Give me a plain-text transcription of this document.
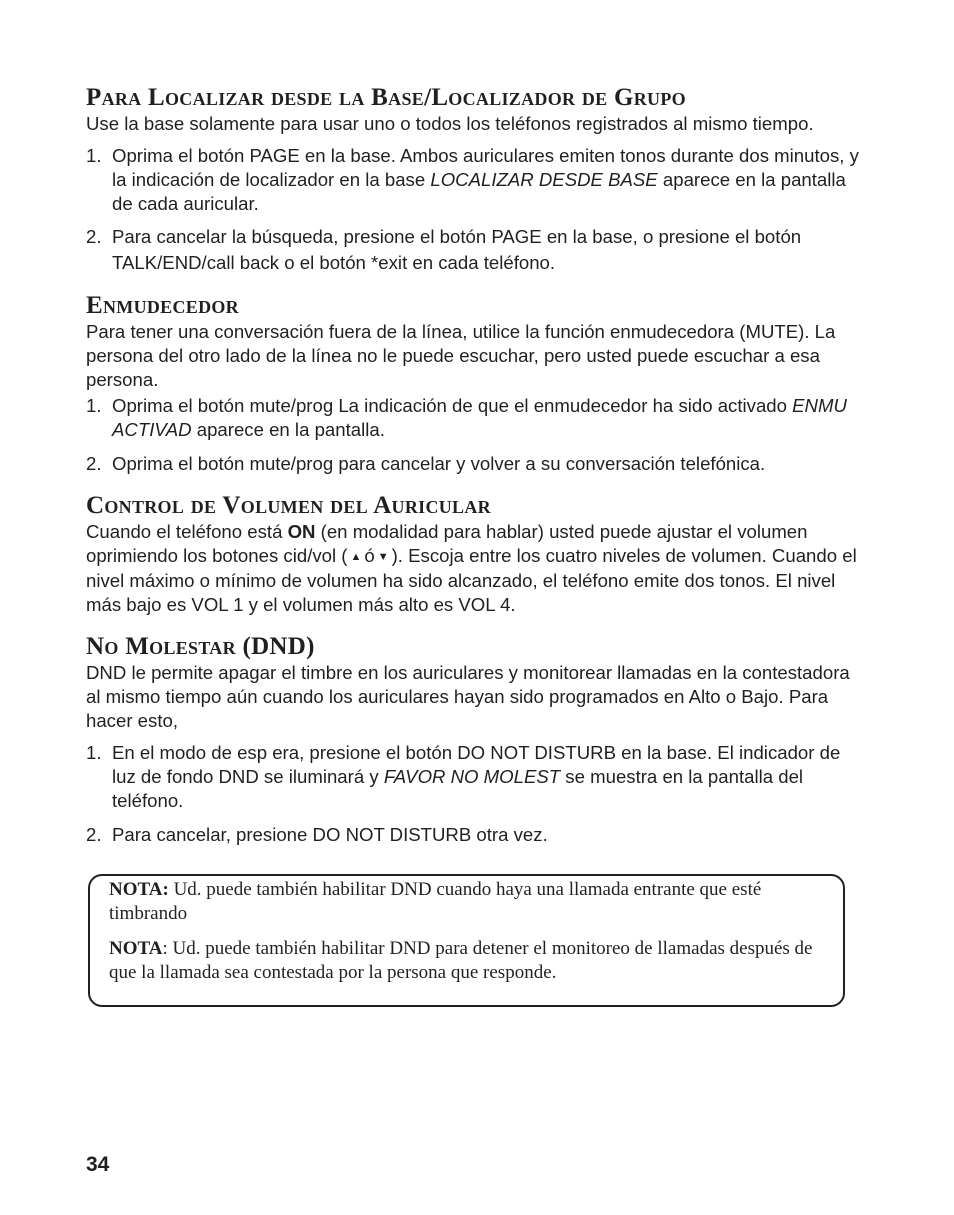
Para Localizar desde la Base/Localizador de Grupo

Use la base solamente para usar uno o todos los teléfonos registrados al mismo tiempo.

1. Oprima el botón PAGE en la base. Ambos auriculares emiten tonos durante dos minutos, y la indicación de localizador en la base LOCALIZAR DESDE BASE aparece en la pantalla de cada auricular.
2. Para cancelar la búsqueda, presione el botón PAGE en la base, o presione el botón TALK/END/call back o el botón *exit en cada teléfono.
Enmudecedor

Para tener una conversación fuera de la línea, utilice la función enmudecedora (MUTE). La persona del otro lado de la línea no le puede escuchar, pero usted puede escuchar a esa persona.

1. Oprima el botón mute/prog La indicación de que el enmudecedor ha sido activado ENMU ACTIVAD aparece en la pantalla.
2. Oprima el botón mute/prog para cancelar y volver a su conversación telefónica.
Control de Volumen del Auricular

Cuando el teléfono está ON (en modalidad para hablar) usted puede ajustar el volumen oprimiendo los botones cid/vol ( ▲ ó ▼ ). Escoja entre los cuatro niveles de volumen. Cuando el nivel máximo o mínimo de volumen ha sido alcanzado, el teléfono emite dos tonos. El nivel más bajo es VOL 1 y el volumen más alto es VOL 4.

No Molestar (DND)

DND le permite apagar el timbre en los auriculares y monitorear llamadas en la contestadora al mismo tiempo aún cuando los auriculares hayan sido programados en Alto o Bajo. Para hacer esto,

1. En el modo de esp era, presione el botón DO NOT DISTURB en la base. El indicador de luz de fondo DND se iluminará y FAVOR NO MOLEST se muestra en la pantalla del teléfono.
2. Para cancelar, presione DO NOT DISTURB otra vez.

NOTA: Ud. puede también habilitar DND cuando haya una llamada entrante que esté timbrando

NOTA: Ud. puede también habilitar DND para detener el monitoreo de llamadas después de que la llamada sea contestada por la persona que responde.

34
